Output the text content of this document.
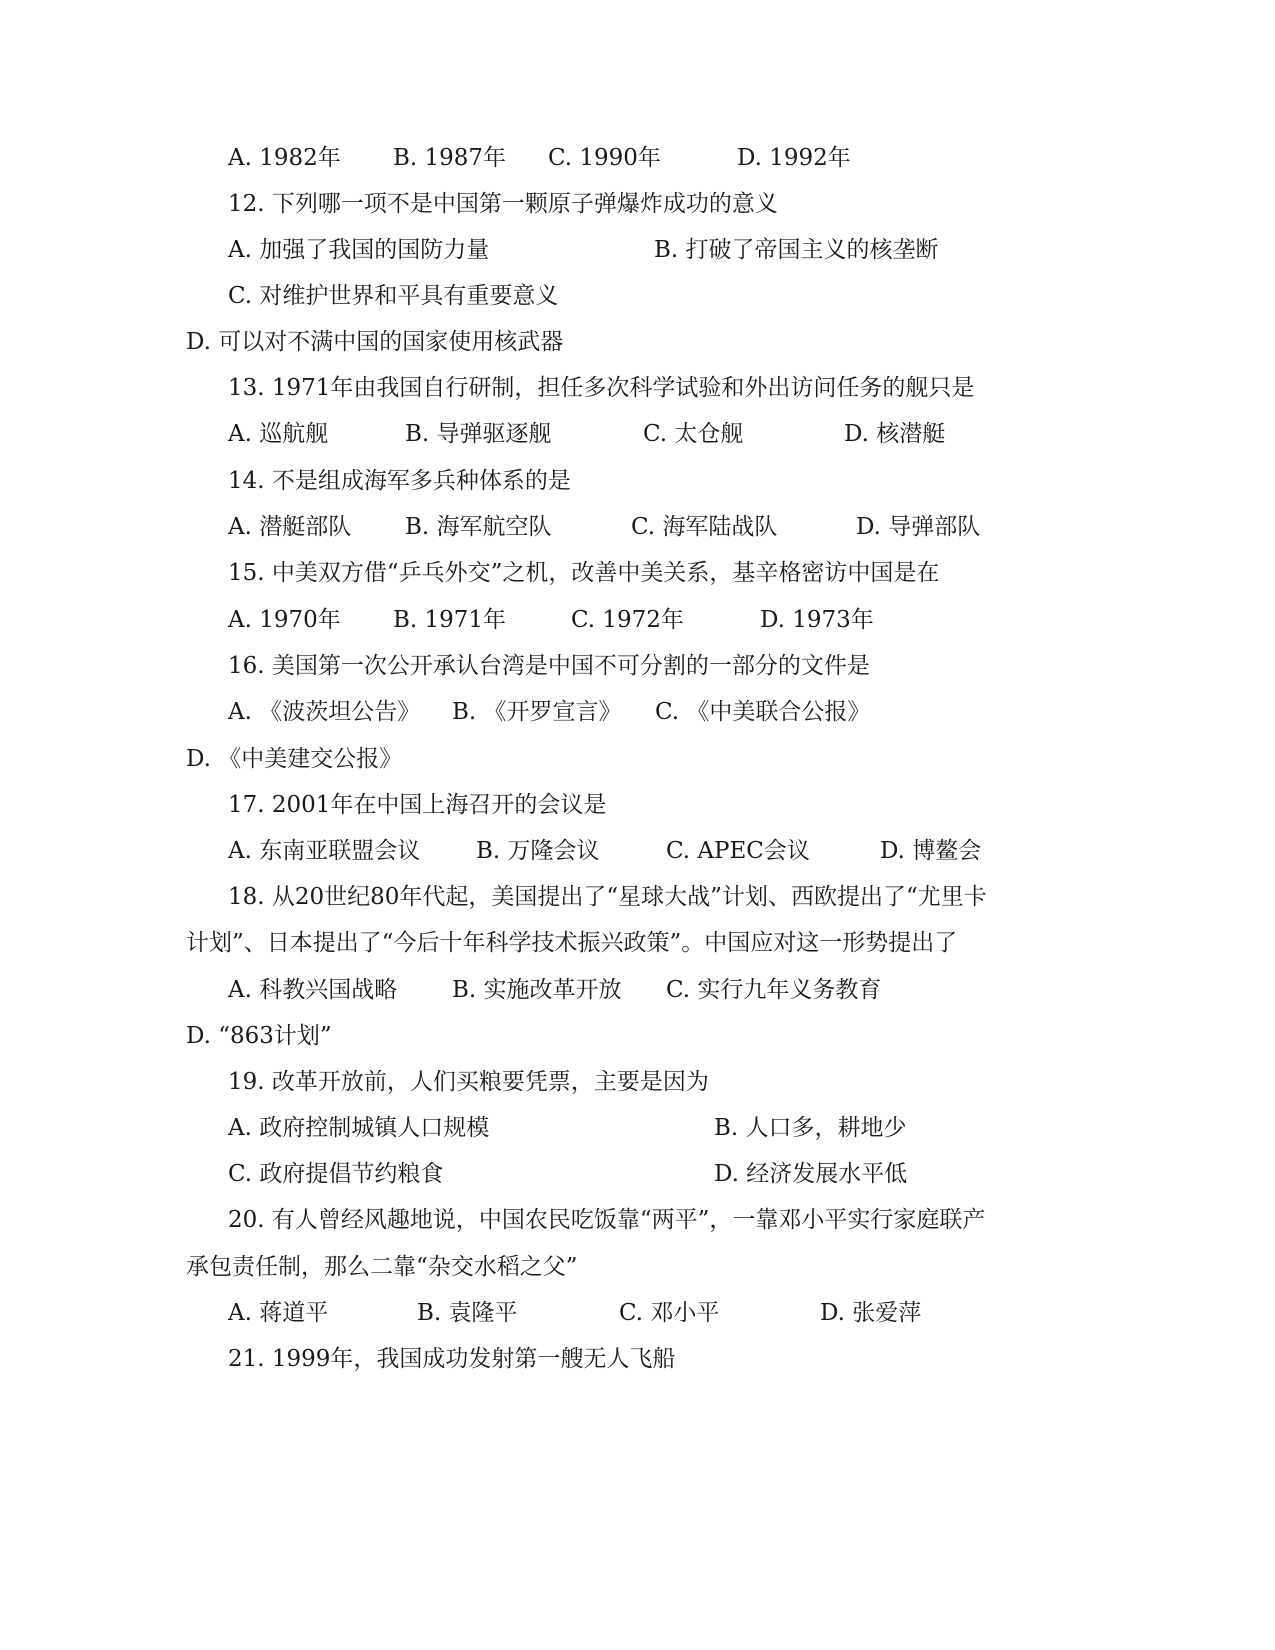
A. 1982年 B. 1987年 C. 1990年	D. 1992年
12. 下列哪一项不是中国第一颗原子弹爆炸成功的意义
A. 加强了我国的国防力量	B. 打破了帝国主义的核垄断
C. 对维护世界和平具有重要意义
D. 可以对不满中国的国家使用核武器
13. 1971年由我国自行研制，担任多次科学试验和外出访问任务的舰只是
A. 巡航舰	B. 导弹驱逐舰	C. 太仓舰	D. 核潜艇
14. 不是组成海军多兵种体系的是
A. 潜艇部队 B. 海军航空队	C. 海军陆战队	D. 导弹部队
15. 中美双方借“乒乓外交”之机，改善中美关系，基辛格密访中国是在
A. 1970年 B. 1971年	C. 1972年	D. 1973年
16. 美国第一次公开承认台湾是中国不可分割的一部分的文件是
A. 《波茨坦公告》 B. 《开罗宣言》 C. 《中美联合公报》
D. 《中美建交公报》
17. 2001年在中国上海召开的会议是
A. 东南亚联盟会议 B. 万隆会议	C. APEC会议	D. 博鳌会
18. 从20世纪80年代起，美国提出了“星球大战”计划、西欧提出了“尤里卡
计划”、日本提出了“今后十年科学技术振兴政策”。中国应对这一形势提出了
A. 科教兴国战略 B. 实施改革开放 C. 实行九年义务教育
D. “863计划”
19. 改革开放前，人们买粮要凭票，主要是因为
A. 政府控制城镇人口规模	B. 人口多，耕地少
C. 政府提倡节约粮食	D. 经济发展水平低
20. 有人曾经风趣地说，中国农民吃饭靠“两平”，一靠邓小平实行家庭联产
承包责任制，那么二靠“杂交水稻之父”
A. 蒋道平	B. 袁隆平	C. 邓小平	D. 张爱萍
21. 1999年，我国成功发射第一艘无人飞船
